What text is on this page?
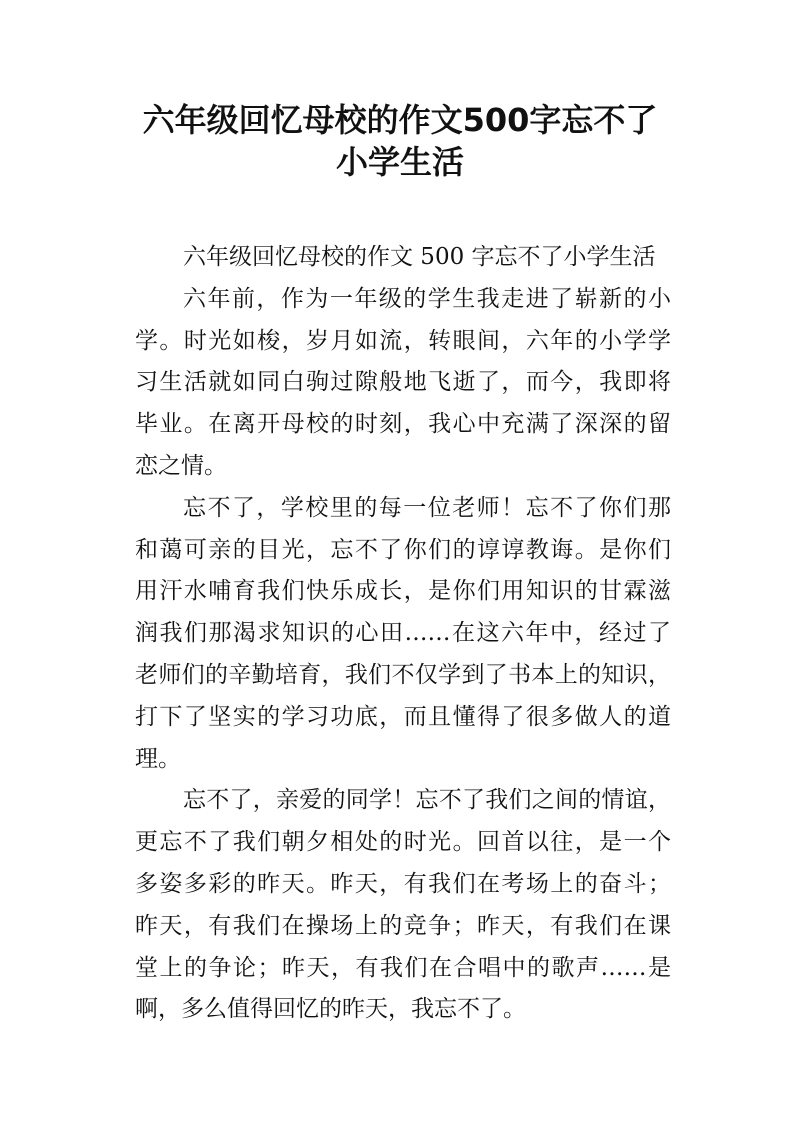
六年级回忆母校的作文500字忘不了
小学生活
六年级回忆母校的作文 500 字忘不了小学生活
六年前，作为一年级的学生我走进了崭新的小
学。时光如梭，岁月如流，转眼间，六年的小学学
习生活就如同白驹过隙般地飞逝了，而今，我即将
毕业。在离开母校的时刻，我心中充满了深深的留
恋之情。
忘不了，学校里的每一位老师！忘不了你们那
和蔼可亲的目光，忘不了你们的谆谆教诲。是你们
用汗水哺育我们快乐成长，是你们用知识的甘霖滋
润我们那渴求知识的心田……在这六年中，经过了
老师们的辛勤培育，我们不仅学到了书本上的知识，
打下了坚实的学习功底，而且懂得了很多做人的道
理。
忘不了，亲爱的同学！忘不了我们之间的情谊，
更忘不了我们朝夕相处的时光。回首以往，是一个
多姿多彩的昨天。昨天，有我们在考场上的奋斗；
昨天，有我们在操场上的竞争；昨天，有我们在课
堂上的争论；昨天，有我们在合唱中的歌声……是
啊，多么值得回忆的昨天，我忘不了。
